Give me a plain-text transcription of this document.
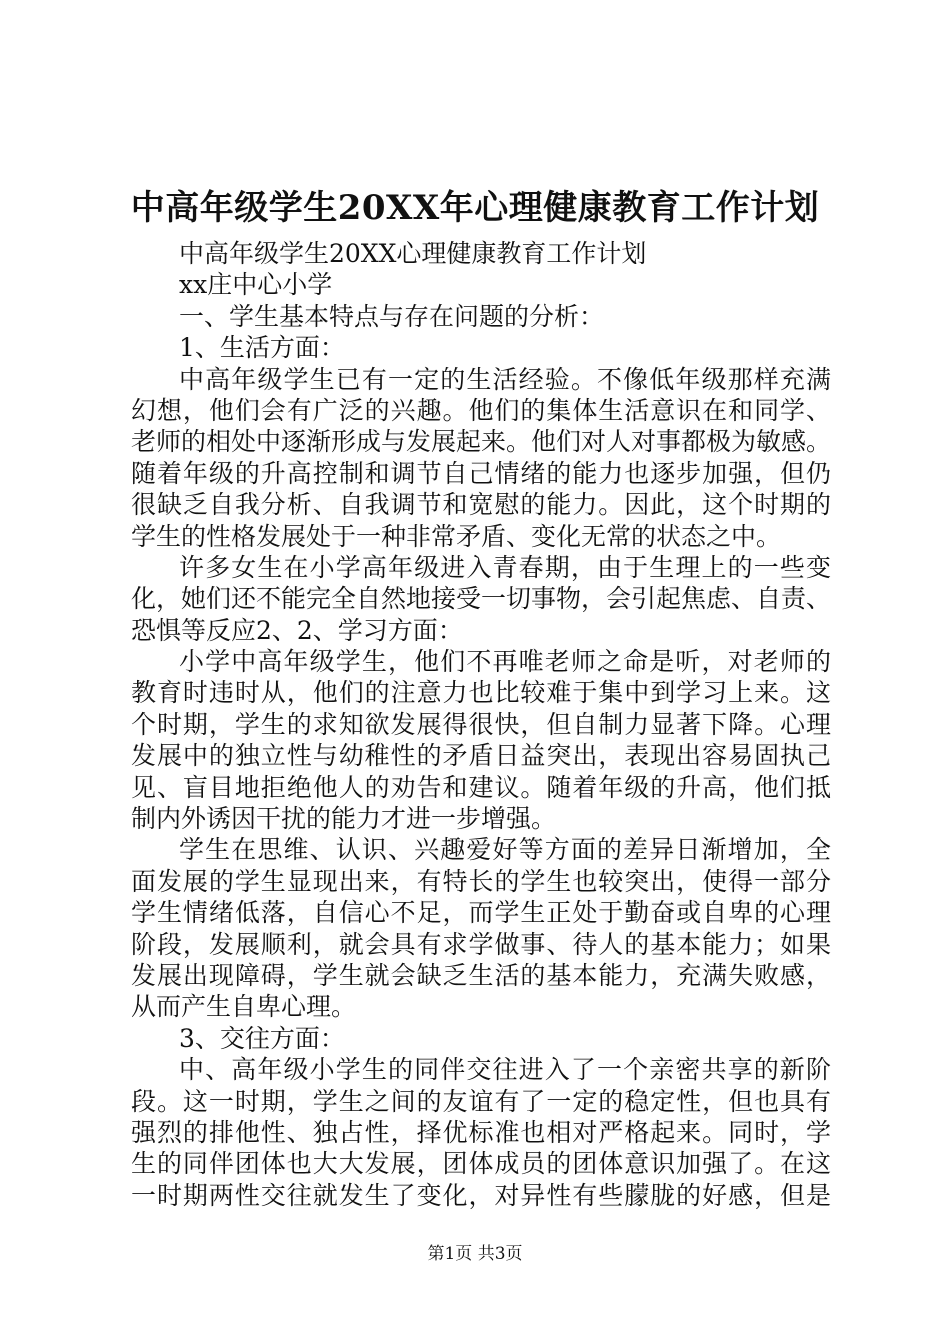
中高年级学生20XX年心理健康教育工作计划
中高年级学生20XX心理健康教育工作计划
xx庄中心小学
一、学生基本特点与存在问题的分析：
1、生活方面：
中高年级学生已有一定的生活经验。不像低年级那样充满
幻想，他们会有广泛的兴趣。他们的集体生活意识在和同学、
老师的相处中逐渐形成与发展起来。他们对人对事都极为敏感。
随着年级的升高控制和调节自己情绪的能力也逐步加强，但仍
很缺乏自我分析、自我调节和宽慰的能力。因此，这个时期的
学生的性格发展处于一种非常矛盾、变化无常的状态之中。
许多女生在小学高年级进入青春期，由于生理上的一些变
化，她们还不能完全自然地接受一切事物，会引起焦虑、自责、
恐惧等反应2、2、学习方面：
小学中高年级学生，他们不再唯老师之命是听，对老师的
教育时违时从，他们的注意力也比较难于集中到学习上来。这
个时期，学生的求知欲发展得很快，但自制力显著下降。心理
发展中的独立性与幼稚性的矛盾日益突出，表现出容易固执己
见、盲目地拒绝他人的劝告和建议。随着年级的升高，他们抵
制内外诱因干扰的能力才进一步增强。
学生在思维、认识、兴趣爱好等方面的差异日渐增加，全
面发展的学生显现出来，有特长的学生也较突出，使得一部分
学生情绪低落，自信心不足，而学生正处于勤奋或自卑的心理
阶段，发展顺利，就会具有求学做事、待人的基本能力；如果
发展出现障碍，学生就会缺乏生活的基本能力，充满失败感，
从而产生自卑心理。
3、交往方面：
中、高年级小学生的同伴交往进入了一个亲密共享的新阶
段。这一时期，学生之间的友谊有了一定的稳定性，但也具有
强烈的排他性、独占性，择优标准也相对严格起来。同时，学
生的同伴团体也大大发展，团体成员的团体意识加强了。在这
一时期两性交往就发生了变化，对异性有些朦胧的好感，但是
第1页 共3页
